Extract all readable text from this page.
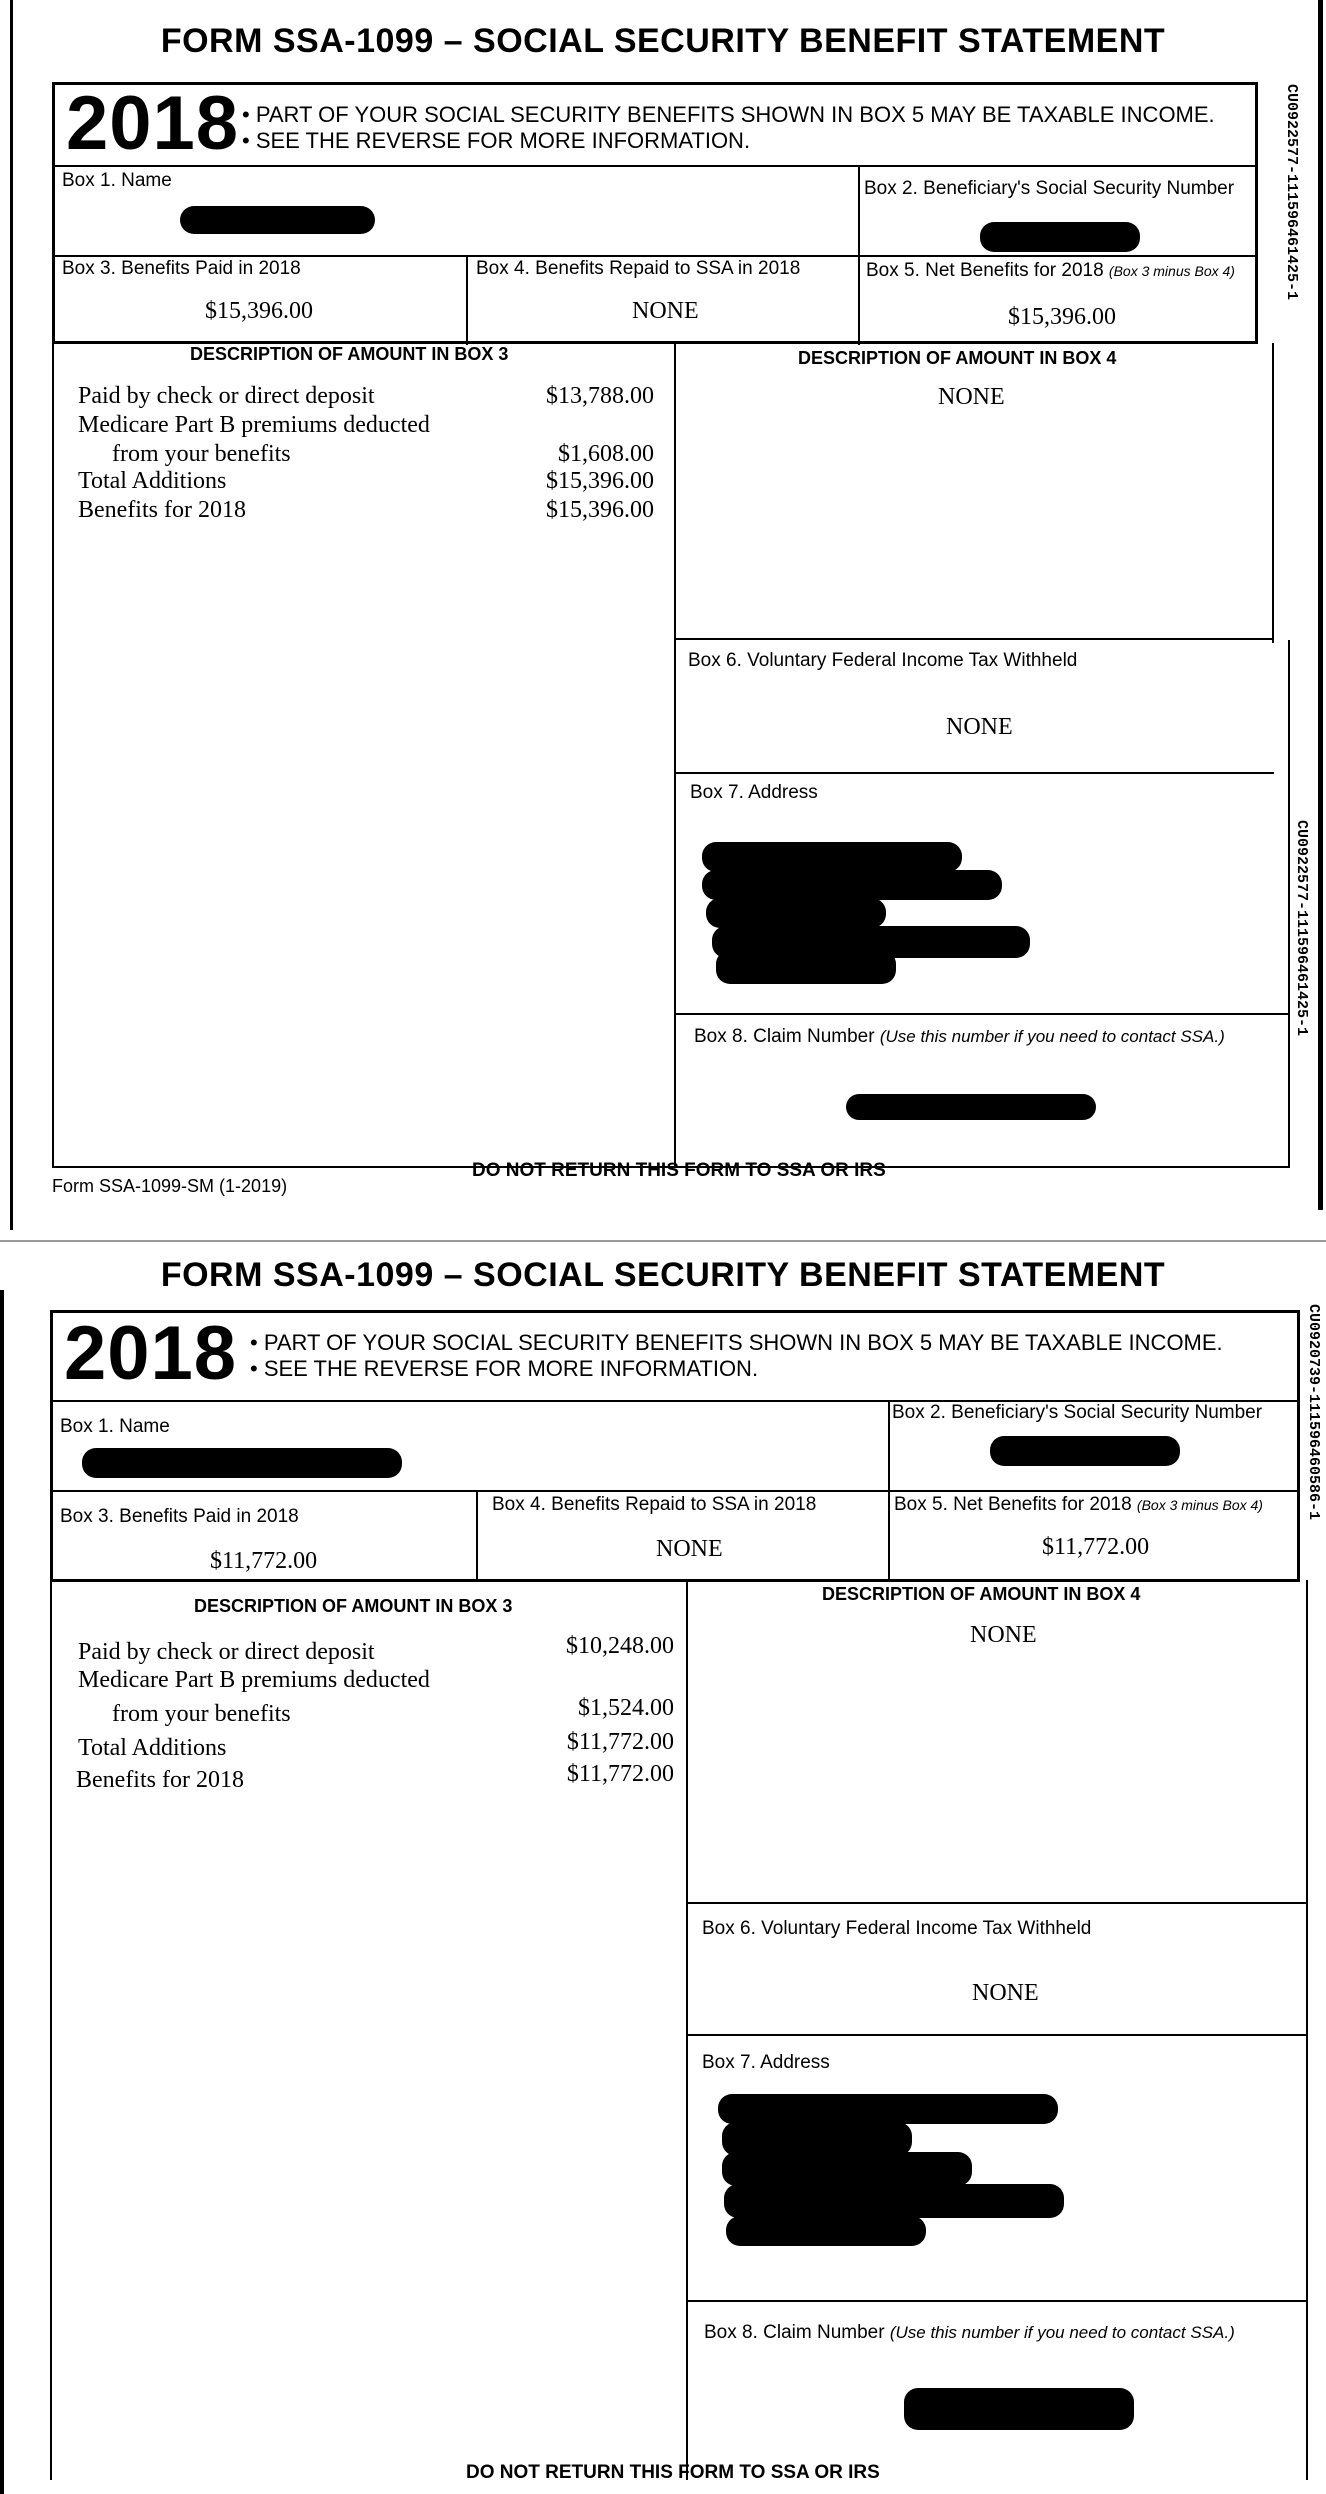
FORM SSA-1099 – SOCIAL SECURITY BENEFIT STATEMENT
2018 • PART OF YOUR SOCIAL SECURITY BENEFITS SHOWN IN BOX 5 MAY BE TAXABLE INCOME.
• SEE THE REVERSE FOR MORE INFORMATION.
Box 1. Name	Box 2. Beneficiary's Social Security Number
Box 3. Benefits Paid in 2018
$15,396.00
Box 4. Benefits Repaid to SSA in 2018
NONE
Box 5. Net Benefits for 2018 (Box 3 minus Box 4)
$15,396.00
DESCRIPTION OF AMOUNT IN BOX 3	DESCRIPTION OF AMOUNT IN BOX 4
Paid by check or direct deposit
Medicare Part B premiums deducted
from your benefits
Total Additions
Benefits for 2018
$13,788.00
$1,608.00
$15,396.00
$15,396.00
NONE
Box 6. Voluntary Federal Income Tax Withheld
NONE
Box 7. Address
Box 8. Claim Number (Use this number if you need to contact SSA.)
DO NOT RETURN THIS FORM TO SSA OR IRS
Form SSA-1099-SM (1-2019)
CU0922577-111596461425-1
CU0922577-111596461425-1
FORM SSA-1099 – SOCIAL SECURITY BENEFIT STATEMENT
2018 • PART OF YOUR SOCIAL SECURITY BENEFITS SHOWN IN BOX 5 MAY BE TAXABLE INCOME.
• SEE THE REVERSE FOR MORE INFORMATION.
Box 1. Name
Box 2. Beneficiary's Social Security Number
Box 3. Benefits Paid in 2018
$11,772.00
Box 4. Benefits Repaid to SSA in 2018
NONE
Box 5. Net Benefits for 2018 (Box 3 minus Box 4)
$11,772.00
DESCRIPTION OF AMOUNT IN BOX 3
DESCRIPTION OF AMOUNT IN BOX 4
Paid by check or direct deposit
Medicare Part B premiums deducted
from your benefits
Total Additions
Benefits for 2018
$10,248.00
$1,524.00
$11,772.00
$11,772.00
NONE
Box 6. Voluntary Federal Income Tax Withheld
NONE
Box 7. Address
Box 8. Claim Number (Use this number if you need to contact SSA.)
DO NOT RETURN THIS FORM TO SSA OR IRS
CU0920739-111596460586-1
